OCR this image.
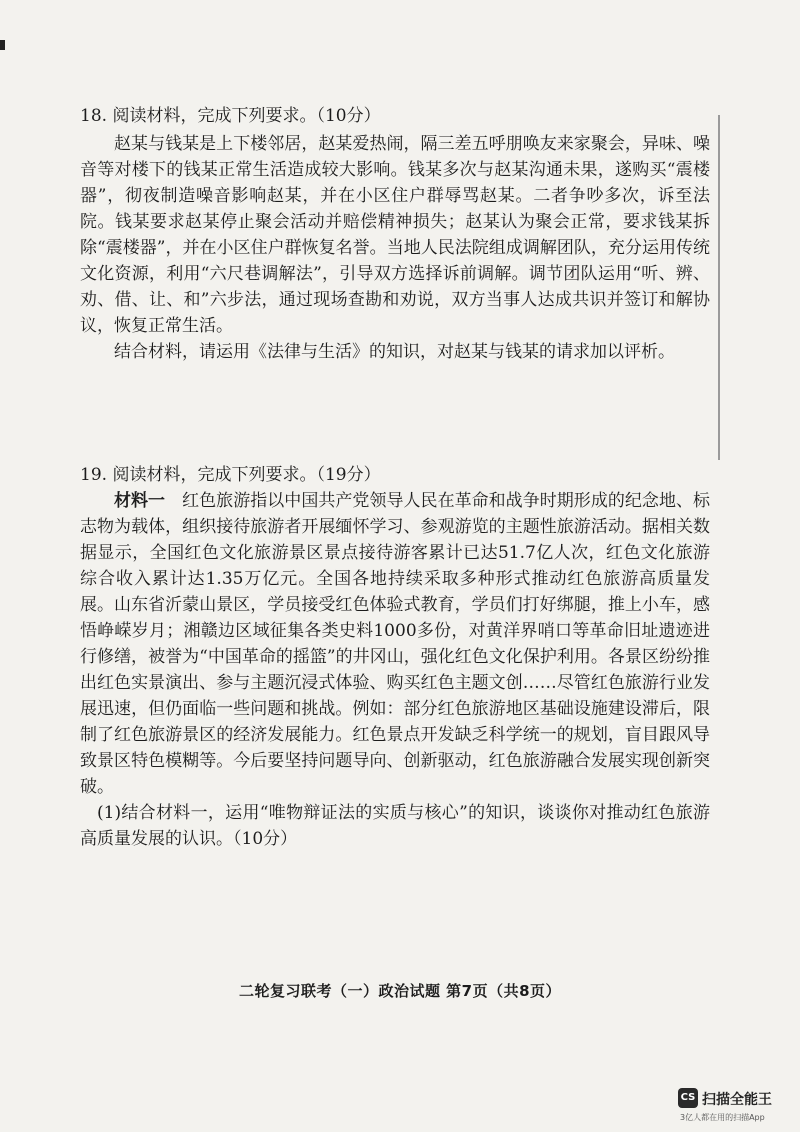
18. 阅读材料，完成下列要求。（10分）

赵某与钱某是上下楼邻居，赵某爱热闹，隔三差五呼朋唤友来家聚会，异味、噪音等对楼下的钱某正常生活造成较大影响。钱某多次与赵某沟通未果，遂购买“震楼器”，彻夜制造噪音影响赵某，并在小区住户群辱骂赵某。二者争吵多次，诉至法院。钱某要求赵某停止聚会活动并赔偿精神损失；赵某认为聚会正常，要求钱某拆除“震楼器”，并在小区住户群恢复名誉。当地人民法院组成调解团队，充分运用传统文化资源，利用“六尺巷调解法”，引导双方选择诉前调解。调节团队运用“听、辨、劝、借、让、和”六步法，通过现场查勘和劝说，双方当事人达成共识并签订和解协议，恢复正常生活。

结合材料，请运用《法律与生活》的知识，对赵某与钱某的请求加以评析。

19. 阅读材料，完成下列要求。（19分）

材料一　 红色旅游指以中国共产党领导人民在革命和战争时期形成的纪念地、标志物为载体，组织接待旅游者开展缅怀学习、参观游览的主题性旅游活动。据相关数据显示，全国红色文化旅游景区景点接待游客累计已达51.7亿人次，红色文化旅游综合收入累计达1.35万亿元。全国各地持续采取多种形式推动红色旅游高质量发展。山东省沂蒙山景区，学员接受红色体验式教育，学员们打好绑腿，推上小车，感悟峥嵘岁月；湘赣边区域征集各类史料1000多份，对黄洋界哨口等革命旧址遗迹进行修缮，被誉为“中国革命的摇篮”的井冈山，强化红色文化保护利用。各景区纷纷推出红色实景演出、参与主题沉浸式体验、购买红色主题文创……尽管红色旅游行业发展迅速，但仍面临一些问题和挑战。例如：部分红色旅游地区基础设施建设滞后，限制了红色旅游景区的经济发展能力。红色景点开发缺乏科学统一的规划，盲目跟风导致景区特色模糊等。今后要坚持问题导向、创新驱动，红色旅游融合发展实现创新突破。

(1)结合材料一，运用“唯物辩证法的实质与核心”的知识，谈谈你对推动红色旅游高质量发展的认识。（10分）

二轮复习联考（一）政治试题 第7页（共8页）
CS 扫描全能王
3亿人都在用的扫描App
